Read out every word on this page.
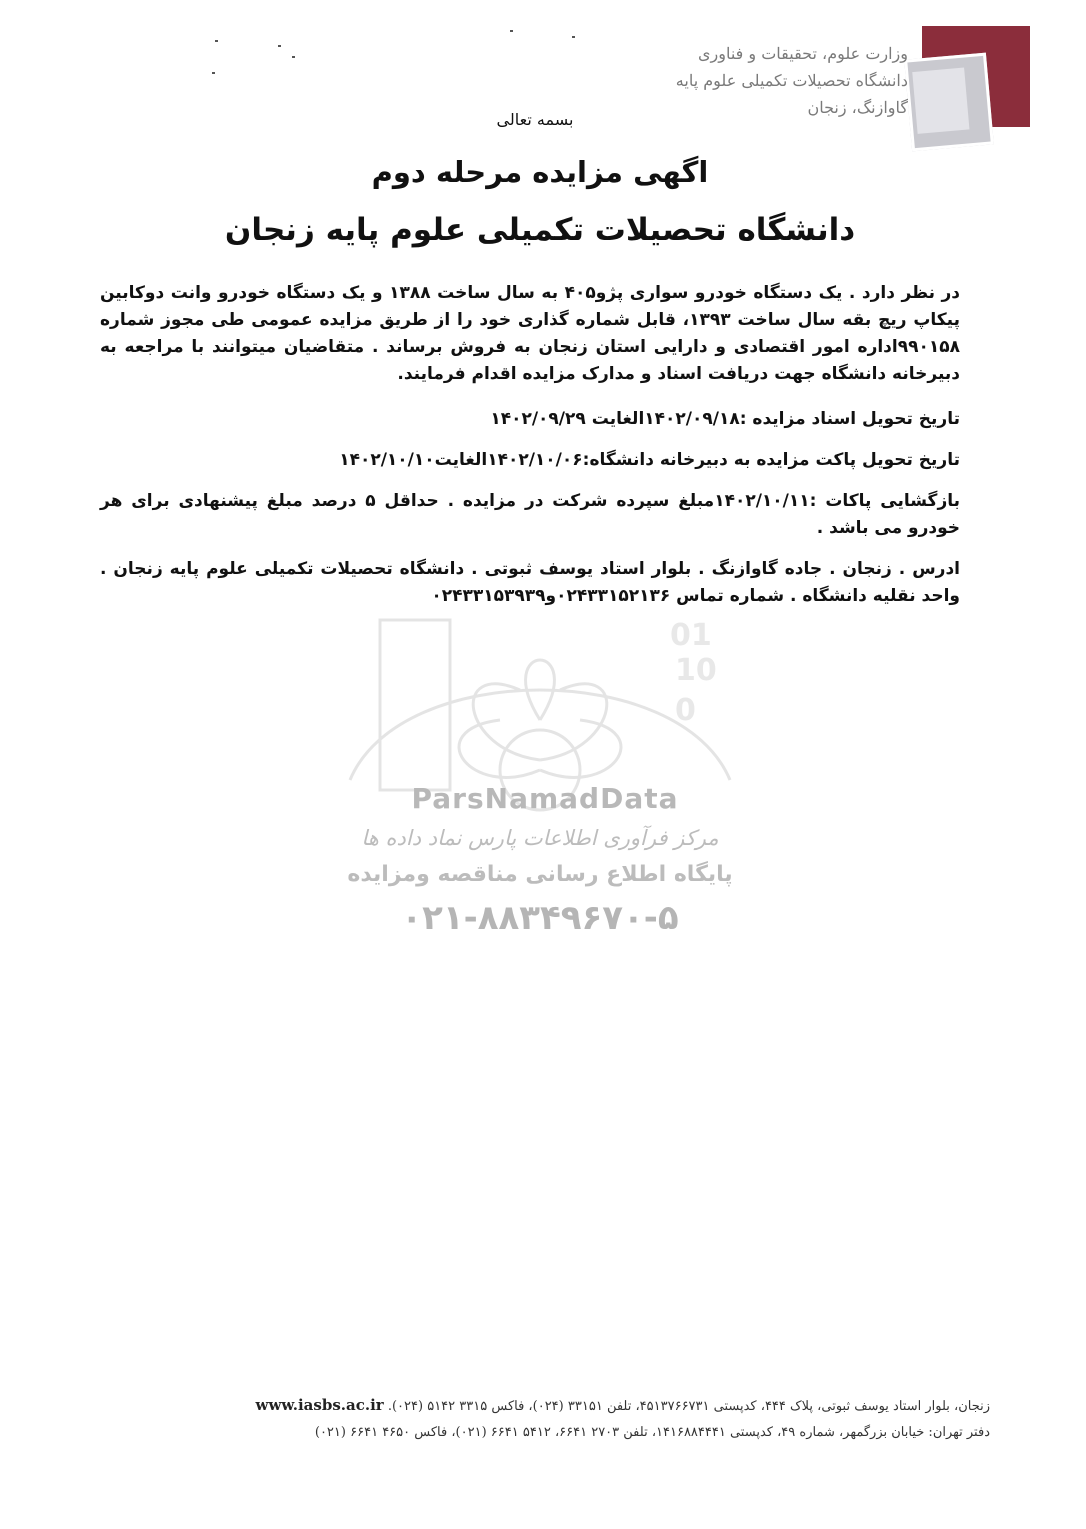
وزارت علوم، تحقیقات و فناوری
دانشگاه تحصیلات تکمیلی علوم پایه
گاوازنگ، زنجان
بسمه تعالی
اگهی مزایده مرحله دوم
دانشگاه تحصیلات تکمیلی علوم پایه زنجان
01
10
0
ParsNamadData
مرکز فرآوری اطلاعات پارس نماد داده ها
پایگاه اطلاع رسانی مناقصه ومزایده
۰۲۱-۸۸۳۴۹۶۷۰-۵

در نظر دارد . یک دستگاه خودرو سواری پژو۴۰۵ به سال ساخت ۱۳۸۸ و یک دستگاه خودرو وانت دوکابین پیکاپ ریچ بقه سال ساخت ۱۳۹۳، قابل شماره گذاری خود را از طریق مزایده عمومی طی مجوز شماره ۹۹۰۱۵۸اداره امور اقتصادی و دارایی استان زنجان به فروش برساند . متقاضیان میتوانند با مراجعه به دبیرخانه دانشگاه جهت دریافت اسناد و مدارک مزایده اقدام فرمایند.

تاریخ تحویل اسناد مزایده :۱۴۰۲/۰۹/۱۸الغایت ۱۴۰۲/۰۹/۲۹

تاریخ تحویل پاکت مزایده به دبیرخانه دانشگاه:۱۴۰۲/۱۰/۰۶الغایت۱۴۰۲/۱۰/۱۰

بازگشایی پاکات :۱۴۰۲/۱۰/۱۱مبلغ سپرده شرکت در مزایده . حداقل ۵ درصد مبلغ پیشنهادی برای هر خودرو می باشد .

ادرس . زنجان . جاده گاوازنگ . بلوار استاد یوسف ثبوتی . دانشگاه تحصیلات تکمیلی علوم پایه زنجان . واحد نقلیه دانشگاه . شماره تماس ۰۲۴۳۳۱۵۲۱۳۶و۰۲۴۳۳۱۵۳۹۳۹

زنجان، بلوار استاد یوسف ثبوتی، پلاک ۴۴۴، کدپستی ۴۵۱۳۷۶۶۷۳۱، تلفن ۳۳۱۵۱ (۰۲۴)، فاکس ۳۳۱۵ ۵۱۴۲ (۰۲۴). www.iasbs.ac.ir
دفتر تهران: خیابان بزرگمهر، شماره ۴۹، کدپستی ۱۴۱۶۸۸۴۴۴۱، تلفن ۲۷۰۳ ۶۶۴۱، ۵۴۱۲ ۶۶۴۱ (۰۲۱)، فاکس ۴۶۵۰ ۶۶۴۱ (۰۲۱)
